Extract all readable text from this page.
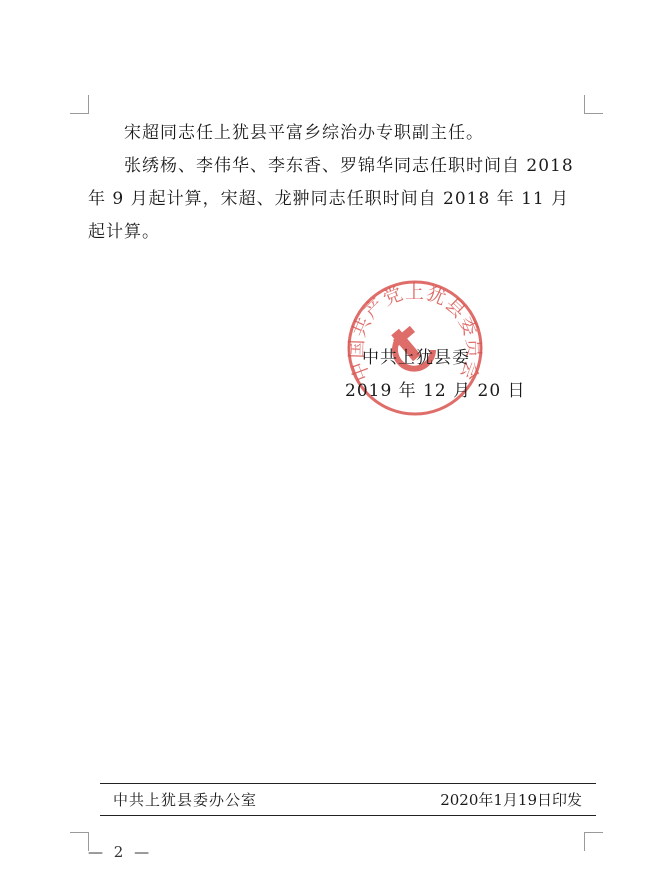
宋超同志任上犹县平富乡综治办专职副主任。

张绣杨、李伟华、李东香、罗锦华同志任职时间自 2018 年 9 月起计算，宋超、龙翀同志任职时间自 2018 年 11 月起计算。

中国共产党上犹县委员会
中共上犹县委
2019 年 12 月 20 日
中共上犹县委办公室	2020年1月19日印发
— 2 —
